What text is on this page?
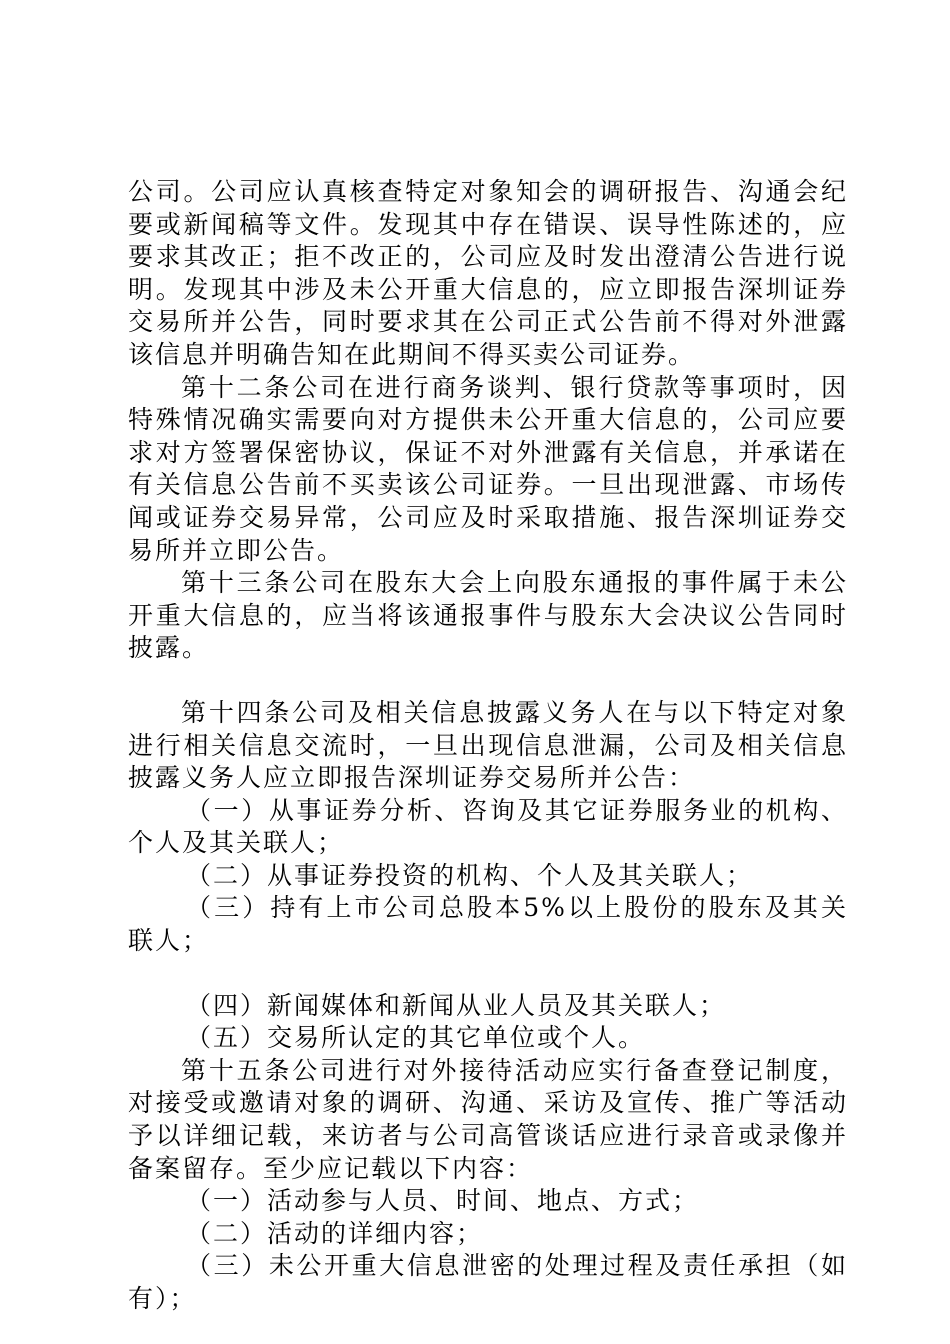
公司。公司应认真核查特定对象知会的调研报告、沟通会纪要或新闻稿等文件。发现其中存在错误、误导性陈述的，应要求其改正；拒不改正的，公司应及时发出澄清公告进行说明。发现其中涉及未公开重大信息的，应立即报告深圳证券交易所并公告，同时要求其在公司正式公告前不得对外泄露该信息并明确告知在此期间不得买卖公司证券。

第十二条公司在进行商务谈判、银行贷款等事项时，因特殊情况确实需要向对方提供未公开重大信息的，公司应要求对方签署保密协议，保证不对外泄露有关信息，并承诺在有关信息公告前不买卖该公司证券。一旦出现泄露、市场传闻或证券交易异常，公司应及时采取措施、报告深圳证券交易所并立即公告。

第十三条公司在股东大会上向股东通报的事件属于未公开重大信息的，应当将该通报事件与股东大会决议公告同时披露。

第十四条公司及相关信息披露义务人在与以下特定对象进行相关信息交流时，一旦出现信息泄漏，公司及相关信息披露义务人应立即报告深圳证券交易所并公告：

（一）从事证券分析、咨询及其它证券服务业的机构、个人及其关联人；

（二）从事证券投资的机构、个人及其关联人；

（三）持有上市公司总股本5%以上股份的股东及其关联人；

（四）新闻媒体和新闻从业人员及其关联人；

（五）交易所认定的其它单位或个人。

第十五条公司进行对外接待活动应实行备查登记制度，对接受或邀请对象的调研、沟通、采访及宣传、推广等活动予以详细记载，来访者与公司高管谈话应进行录音或录像并备案留存。至少应记载以下内容：

（一）活动参与人员、时间、地点、方式；

（二）活动的详细内容；

（三）未公开重大信息泄密的处理过程及责任承担（如有）；
